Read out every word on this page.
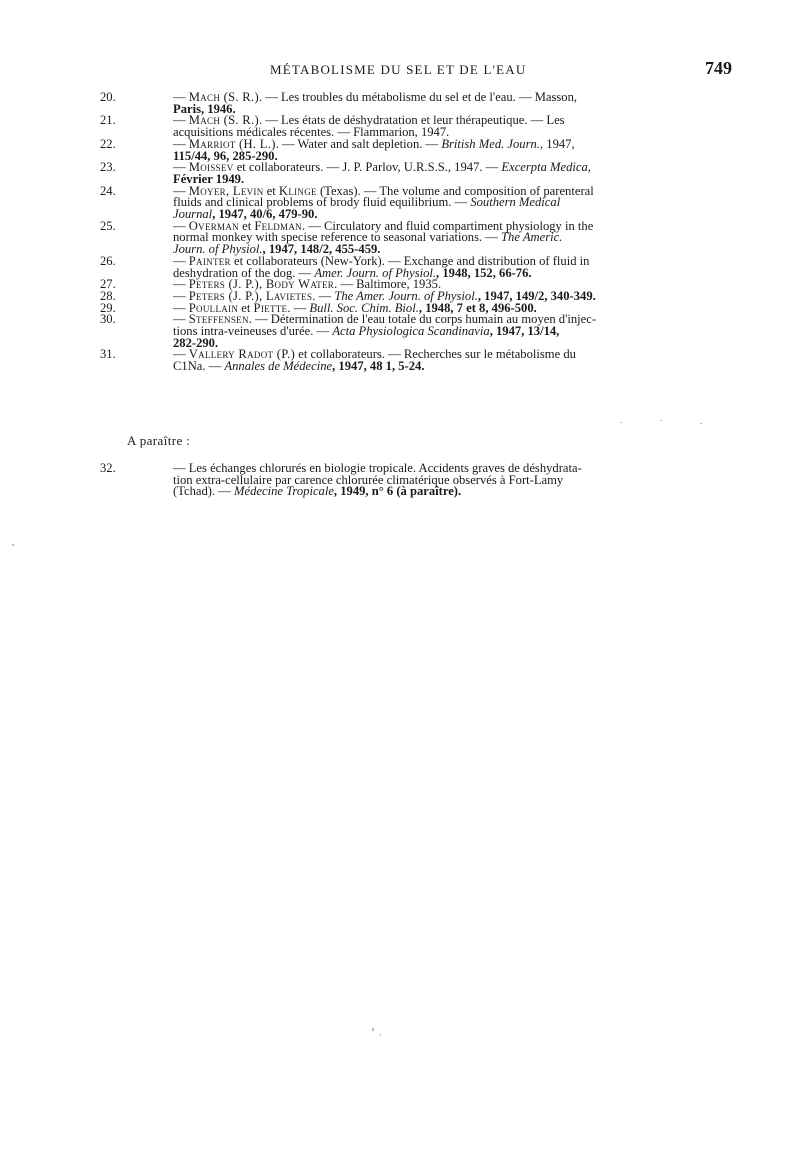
MÉTABOLISME DU SEL ET DE L'EAU	749
20.	— Mach (S. R.). — Les troubles du métabolisme du sel et de l'eau. — Masson,
Paris, 1946.
21.	— Mach (S. R.). — Les états de déshydratation et leur thérapeutique. — Les
acquisitions médicales récentes. — Flammarion, 1947.
22.	— Marriot (H. L.). — Water and salt depletion. — British Med. Journ., 1947,
115/44, 96, 285-290.
23.	— Moissev et collaborateurs. — J. P. Parlov, U.R.S.S., 1947. — Excerpta Medica,
Février 1949.
24.	— Moyer, Levin et Klinge (Texas). — The volume and composition of parenteral
fluids and clinical problems of brody fluid equilibrium. — Southern Medical
Journal, 1947, 40/6, 479-90.
25.	— Overman et Feldman. — Circulatory and fluid compartiment physiology in the
normal monkey with specise reference to seasonal variations. — The Americ.
Journ. of Physiol., 1947, 148/2, 455-459.
26.	— Painter et collaborateurs (New-York). — Exchange and distribution of fluid in
deshydration of the dog. — Amer. Journ. of Physiol., 1948, 152, 66-76.
27.	— Peters (J. P.), Body Water. — Baltimore, 1935.
28.	— Peters (J. P.), Lavietes. — The Amer. Journ. of Physiol., 1947, 149/2, 340-349.
29.	— Poullain et Piette. — Bull. Soc. Chim. Biol., 1948, 7 et 8, 496-500.
30.	— Steffensen. — Détermination de l'eau totale du corps humain au moyen d'injec-
tions intra-veineuses d'urée. — Acta Physiologica Scandinavia, 1947, 13/14,
282-290.
31.	— Vallery Radot (P.) et collaborateurs. — Recherches sur le métabolisme du
C1Na. — Annales de Médecine, 1947, 48 1, 5-24.
A paraître :
32.	— Les échanges chlorurés en biologie tropicale. Accidents graves de déshydrata-
tion extra-cellulaire par carence chlorurée climatérique observés à Fort-Lamy
(Tchad). — Médecine Tropicale, 1949, n° 6 (à paraître).
